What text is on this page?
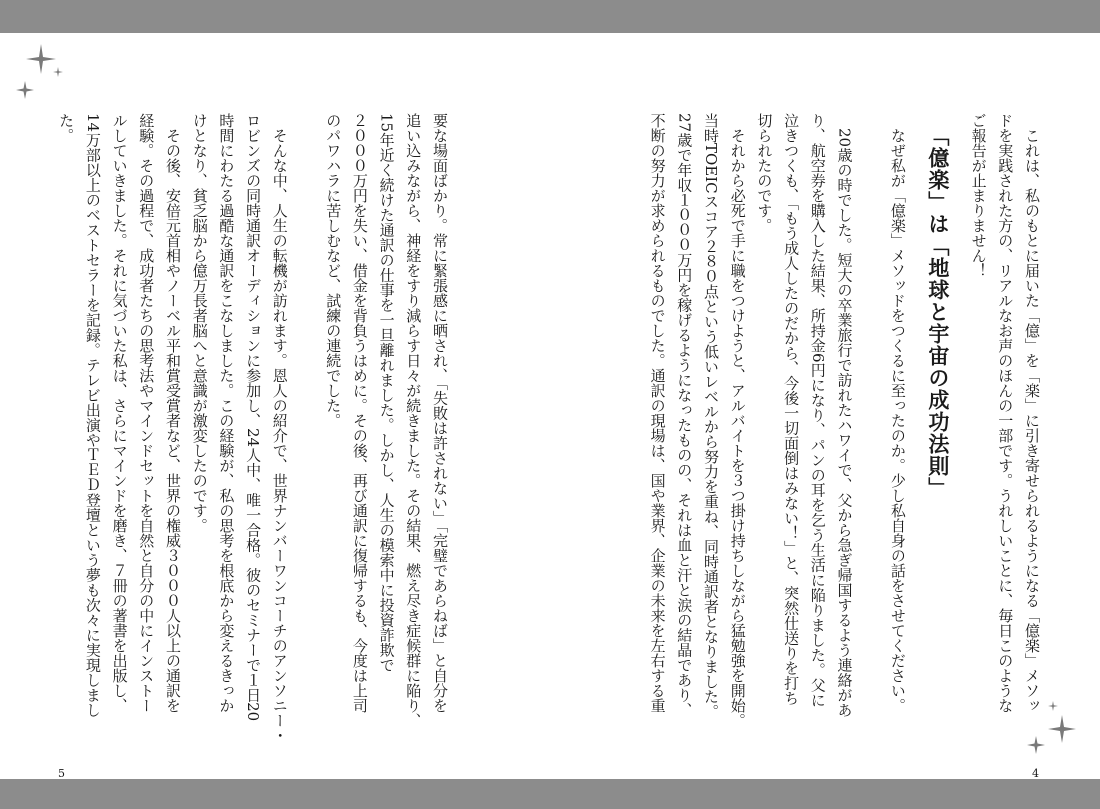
これは、私のもとに届いた「億」を「楽」に引き寄せられるようになる「億楽」メソッ
ドを実践された方の、リアルなお声のほんの一部です。うれしいことに、毎日このような
ご報告が止まりません！
「億楽」は「地球と宇宙の成功法則」
なぜ私が「億楽」メソッドをつくるに至ったのか。少し私自身の話をさせてください。
20歳の時でした。短大の卒業旅行で訪れたハワイで、父から急ぎ帰国するよう連絡があ
り、航空券を購入した結果、所持金6円になり、パンの耳を乞う生活に陥りました。父に
泣きつくも、「もう成人したのだから、今後一切面倒はみない！」と、突然仕送りを打ち
切られたのです。
それから必死で手に職をつけようと、アルバイトを３つ掛け持ちしながら猛勉強を開始。
当時TOEICスコア２８０点という低いレベルから努力を重ね、同時通訳者となりました。
27歳で年収１０００万円を稼げるようになったものの、それは血と汗と涙の結晶であり、
不断の努力が求められるものでした。通訳の現場は、国や業界、企業の未来を左右する重
要な場面ばかり。常に緊張感に晒され、「失敗は許されない」「完璧であらねば」と自分を
追い込みながら、神経をすり減らす日々が続きました。その結果、燃え尽き症候群に陥り、
15年近く続けた通訳の仕事を一旦離れました。しかし、人生の模索中に投資詐欺で
２０００万円を失い、借金を背負うはめに。その後、再び通訳に復帰するも、今度は上司
のパワハラに苦しむなど、試練の連続でした。
そんな中、人生の転機が訪れます。恩人の紹介で、世界ナンバーワンコーチのアンソニー・
ロビンズの同時通訳オーディションに参加し、24人中、唯一合格。彼のセミナーで１日20
時間にわたる過酷な通訳をこなしました。この経験が、私の思考を根底から変えるきっか
けとなり、貧乏脳から億万長者脳へと意識が激変したのです。
その後、安倍元首相やノーベル平和賞受賞者など、世界の権威３０００人以上の通訳を
経験。その過程で、成功者たちの思考法やマインドセットを自然と自分の中にインストー
ルしていきました。それに気づいた私は、さらにマインドを磨き、７冊の著書を出版し、
14万部以上のベストセラーを記録。テレビ出演やＴＥＤ登壇という夢も次々に実現しまし
た。
4
5
